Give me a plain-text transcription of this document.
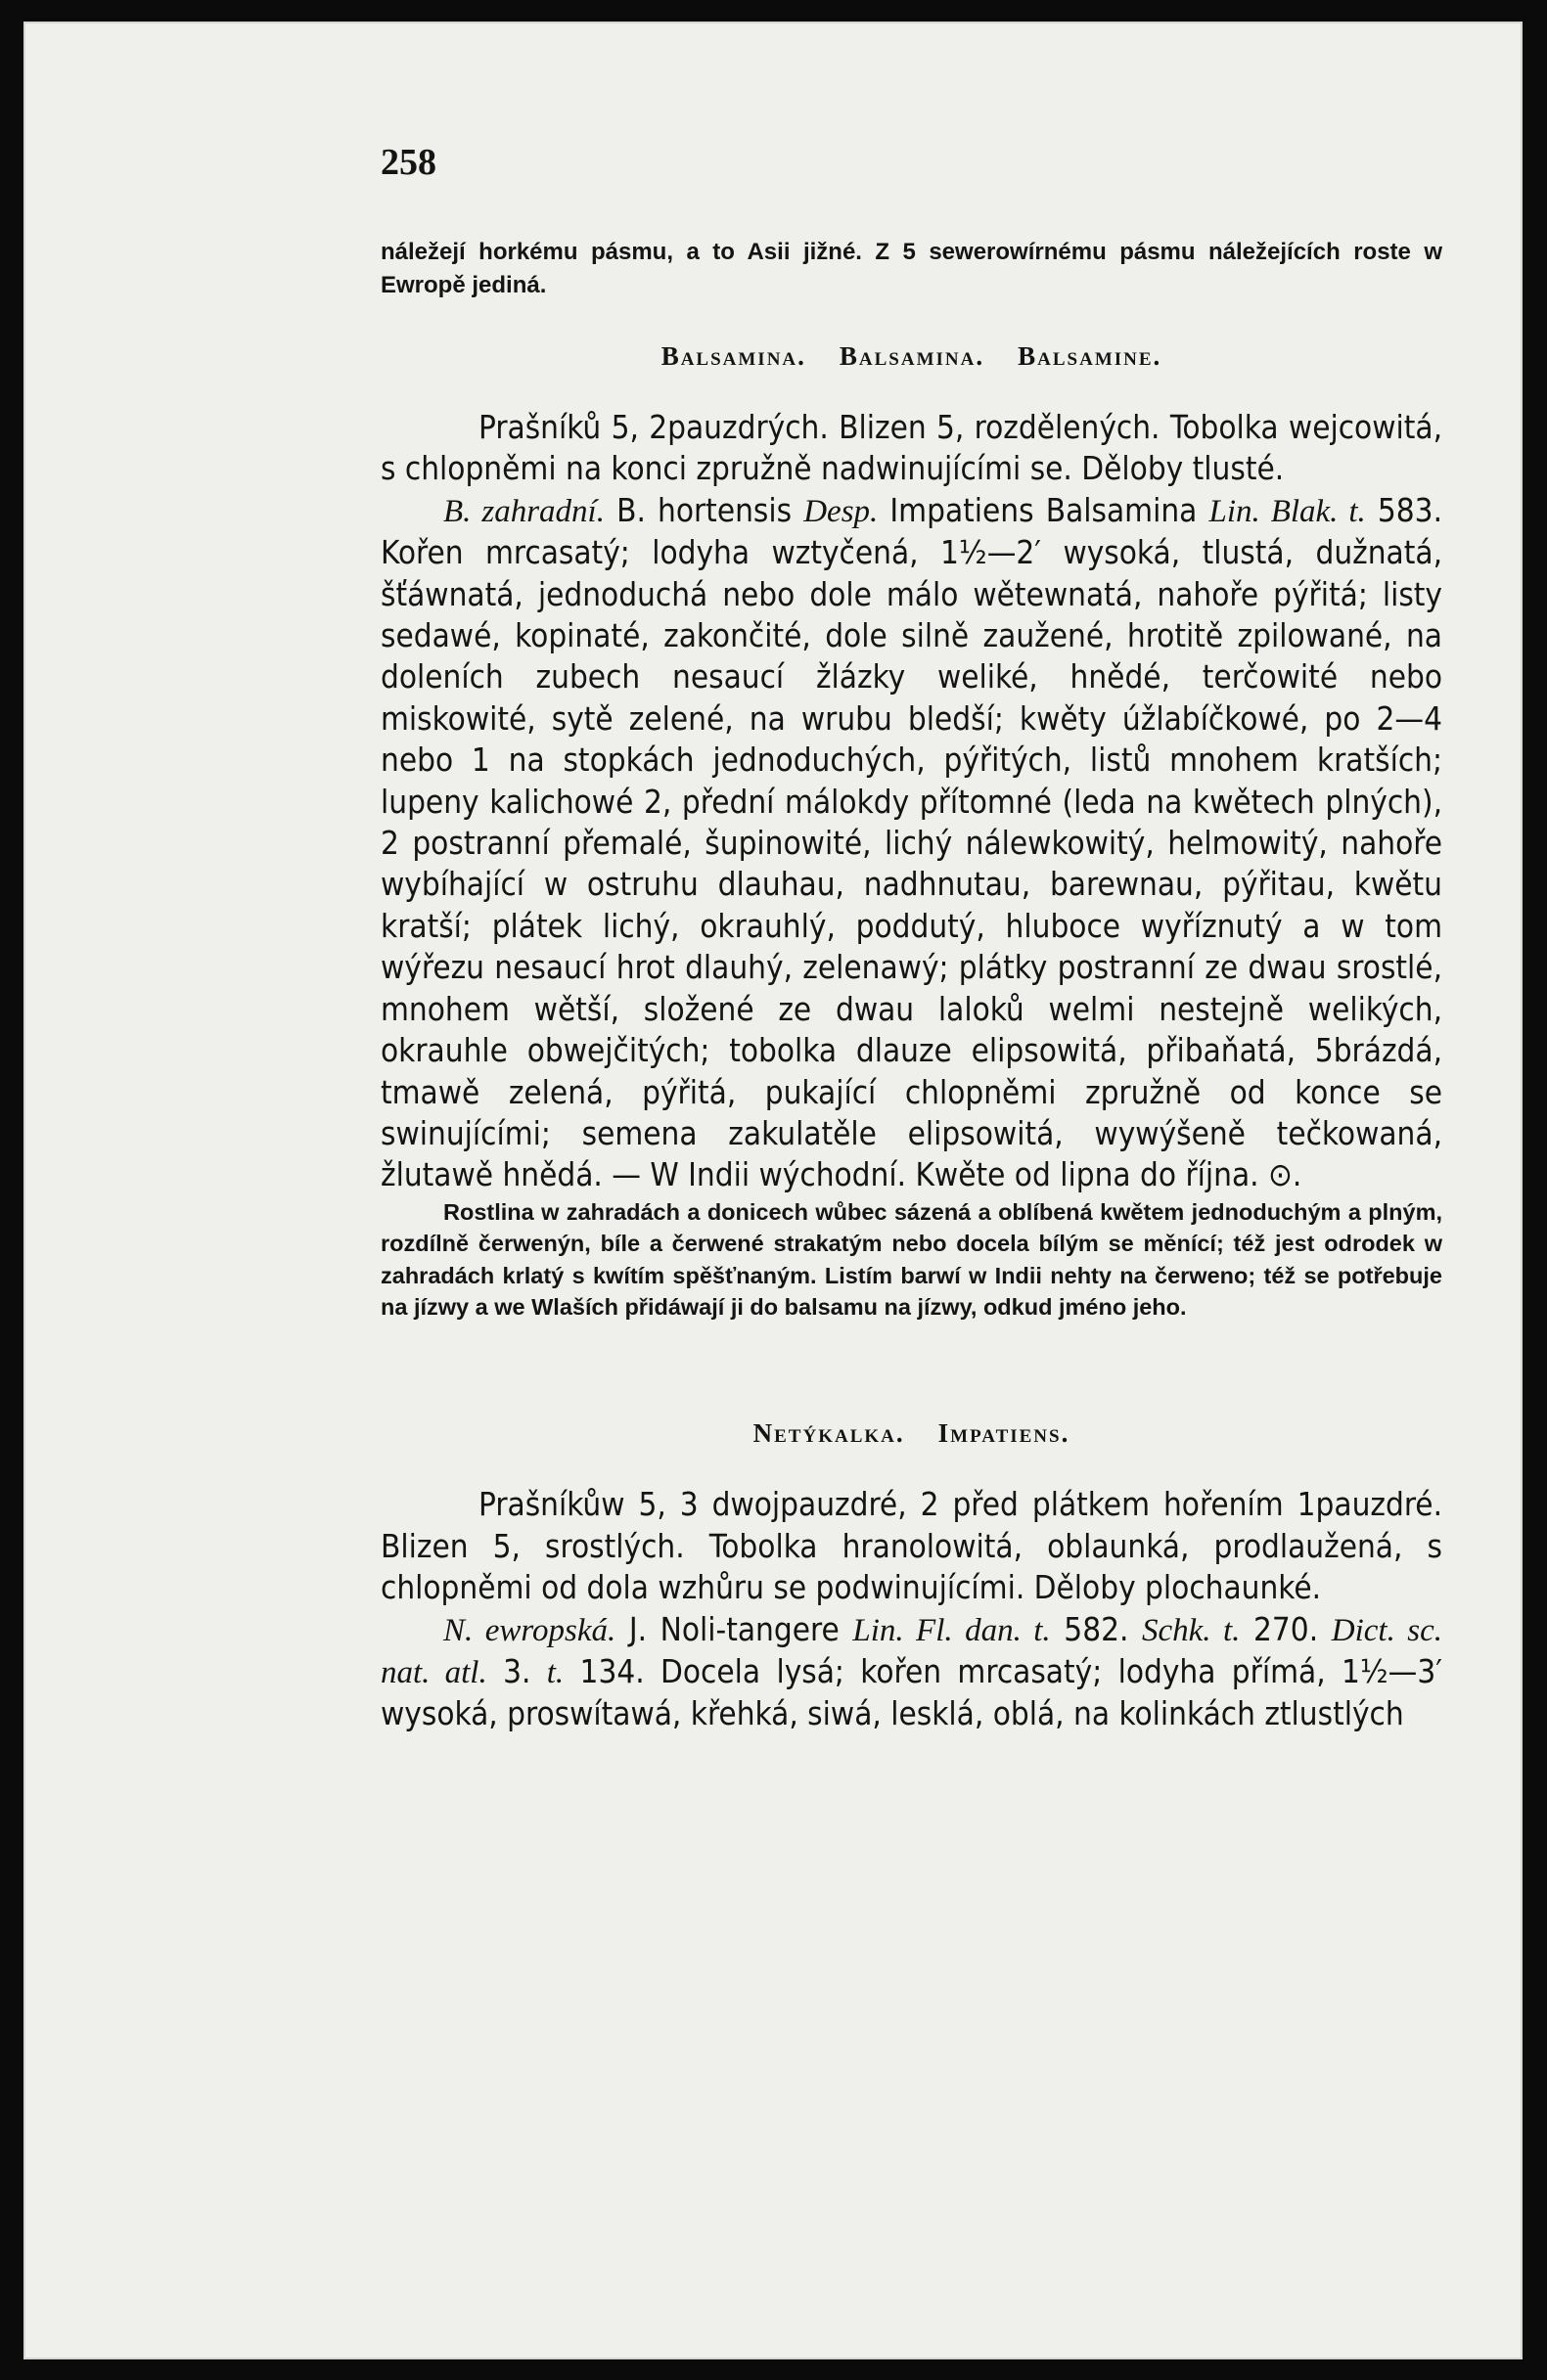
258

náležejí horkému pásmu, a to Asii jižné. Z 5 sewerowírnému pásmu náležejících roste w Ewropě jediná.

Balsamina. Balsamina. Balsamine.

Prašníků 5, 2pauzdrých. Blizen 5, rozdělených. Tobolka wejcowitá, s chlopněmi na konci zpružně nadwinujícími se. Děloby tlusté.

B. zahradní. B. hortensis Desp. Impatiens Balsamina Lin. Blak. t. 583. Kořen mrcasatý; lodyha wztyčená, 1½—2′ wysoká, tlustá, dužnatá, šťáwnatá, jednoduchá nebo dole málo wětewnatá, nahoře pýřitá; listy sedawé, kopinaté, zakončité, dole silně zaužené, hrotitě zpilowané, na doleních zubech nesaucí žlázky weliké, hnědé, terčowité nebo miskowité, sytě zelené, na wrubu bledší; kwěty úžlabíčkowé, po 2—4 nebo 1 na stopkách jednoduchých, pýřitých, listů mnohem kratších; lupeny kalichowé 2, přední málokdy přítomné (leda na kwětech plných), 2 postranní přemalé, šupinowité, lichý nálewkowitý, helmowitý, nahoře wybíhající w ostruhu dlauhau, nadhnutau, barewnau, pýřitau, kwětu kratší; plátek lichý, okrauhlý, poddutý, hluboce wyříznutý a w tom wýřezu nesaucí hrot dlauhý, zelenawý; plátky postranní ze dwau srostlé, mnohem wětší, složené ze dwau laloků welmi nestejně welikých, okrauhle obwejčitých; tobolka dlauze elipsowitá, přibaňatá, 5brázdá, tmawě zelená, pýřitá, pukající chlopněmi zpružně od konce se swinujícími; semena zakulatěle elipsowitá, wywýšeně tečkowaná, žlutawě hnědá. — W Indii wýchodní. Kwěte od lipna do října. ⊙.

Rostlina w zahradách a donicech wůbec sázená a oblíbená kwětem jednoduchým a plným, rozdílně čerwenýn, bíle a čerwené strakatým nebo docela bílým se měnící; též jest odrodek w zahradách krlatý s kwítím spěšťnaným. Listím barwí w Indii nehty na čerweno; též se potřebuje na jízwy a we Wlaších přidáwají ji do balsamu na jízwy, odkud jméno jeho.

Netýkalka. Impatiens.

Prašníkůw 5, 3 dwojpauzdré, 2 před plátkem hořením 1pauzdré. Blizen 5, srostlých. Tobolka hranolowitá, oblaunká, prodlaužená, s chlopněmi od dola wzhůru se podwinujícími. Děloby plochaunké.

N. ewropská. J. Noli-tangere Lin. Fl. dan. t. 582. Schk. t. 270. Dict. sc. nat. atl. 3. t. 134. Docela lysá; kořen mrcasatý; lodyha přímá, 1½—3′ wysoká, proswítawá, křehká, siwá, lesklá, oblá, na kolinkách ztlustlých
